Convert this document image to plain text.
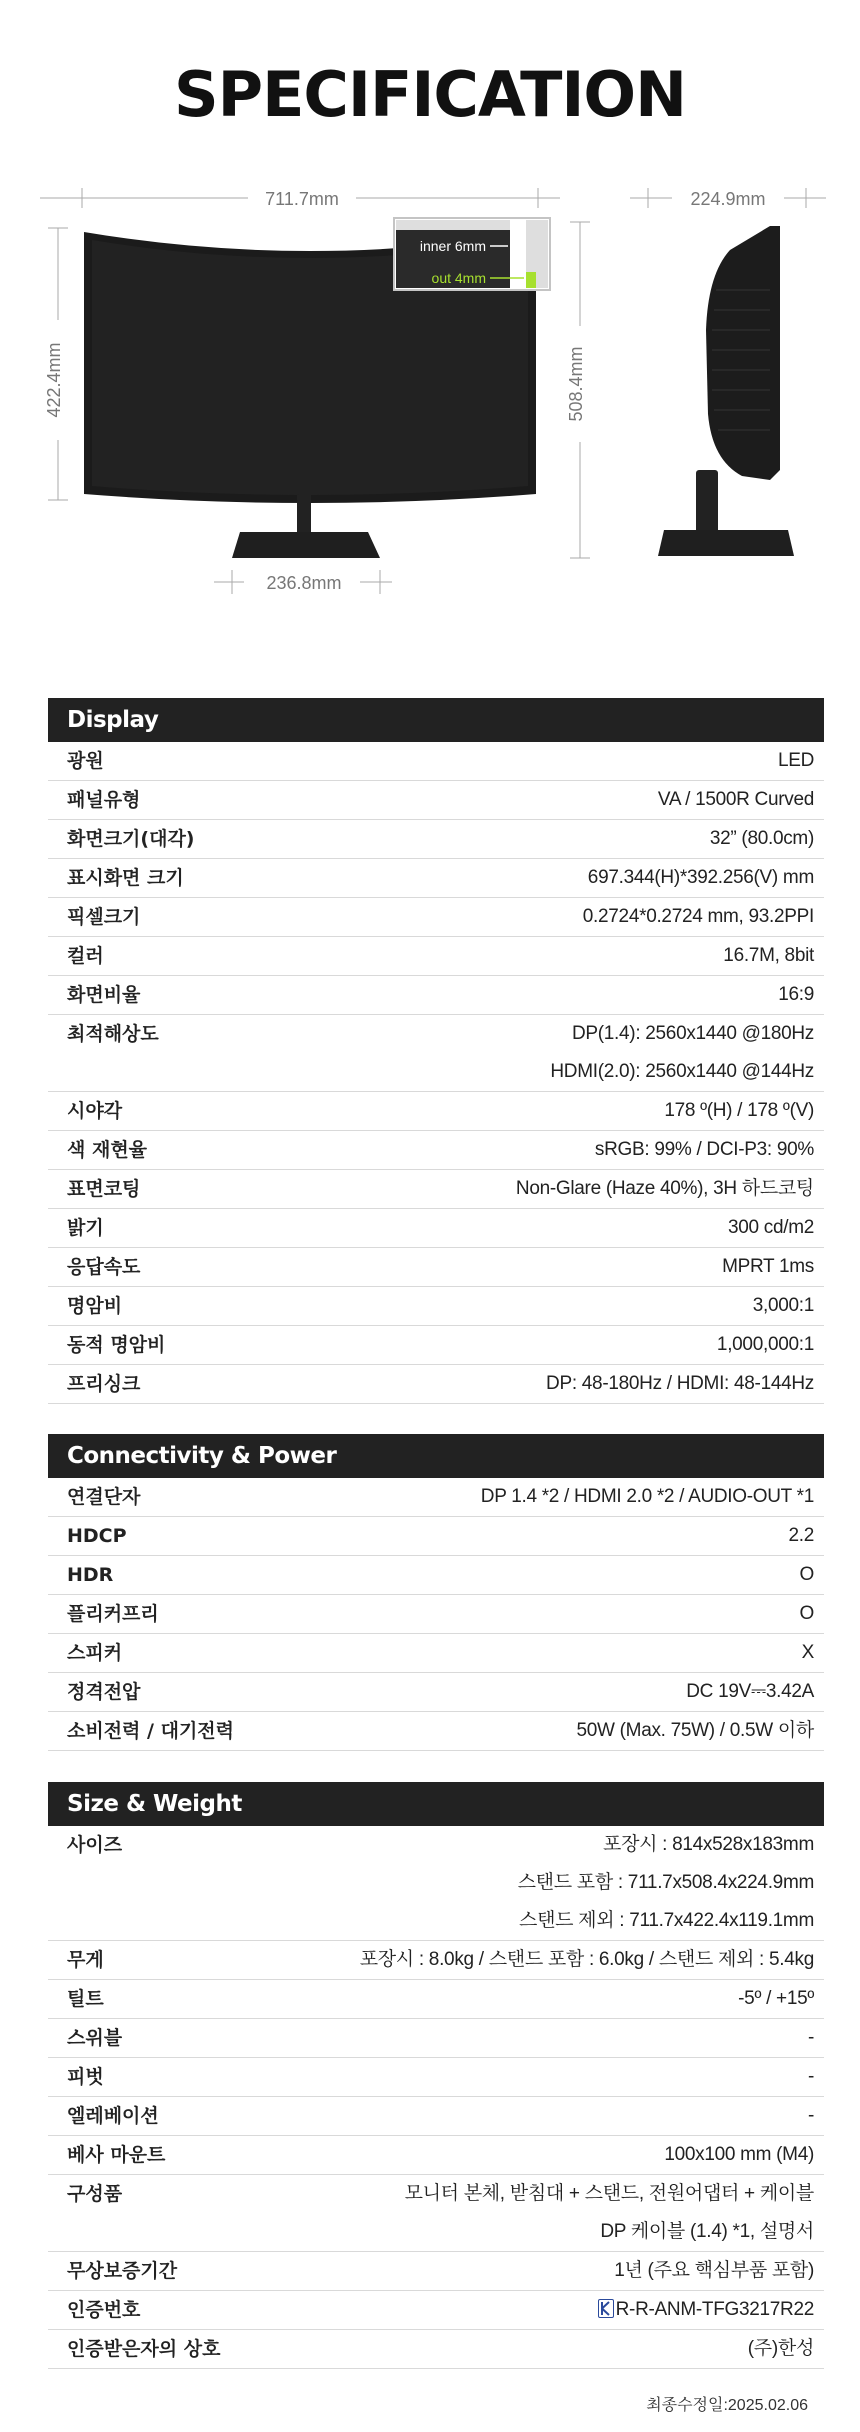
SPECIFICATION
711.7mm
422.4mm
236.8mm
inner 6mm
out 4mm
508.4mm
224.9mm
Display
광원	LED
패널유형	VA / 1500R Curved
화면크기(대각)	32” (80.0cm)
표시화면 크기	697.344(H)*392.256(V) mm
픽셀크기	0.2724*0.2724 mm, 93.2PPI
컬러	16.7M, 8bit
화면비율	16:9
최적해상도	DP(1.4): 2560x1440 @180Hz
HDMI(2.0): 2560x1440 @144Hz
시야각	178 º(H) / 178 º(V)
색 재현율	sRGB: 99% / DCI-P3: 90%
표면코팅	Non-Glare (Haze 40%), 3H 하드코팅
밝기	300 cd/m2
응답속도	MPRT 1ms
명암비	3,000:1
동적 명암비	1,000,000:1
프리싱크	DP: 48-180Hz / HDMI: 48-144Hz
Connectivity & Power
연결단자	DP 1.4 *2 / HDMI 2.0 *2 / AUDIO-OUT *1
HDCP	2.2
HDR	O
플리커프리	O
스피커	X
정격전압	DC 19V⎓3.42A
소비전력 / 대기전력	50W (Max. 75W) / 0.5W 이하
Size & Weight
사이즈	포장시 : 814x528x183mm
스탠드 포함 : 711.7x508.4x224.9mm
스탠드 제외 : 711.7x422.4x119.1mm
무게	포장시 : 8.0kg / 스탠드 포함 : 6.0kg / 스탠드 제외 : 5.4kg
틸트	-5º / +15º
스위블	-
피벗	-
엘레베이션	-
베사 마운트	100x100 mm (M4)
구성품	모니터 본체, 받침대 + 스탠드, 전원어댑터 + 케이블
DP 케이블 (1.4) *1, 설명서
무상보증기간	1년 (주요 핵심부품 포함)
인증번호	R-R-ANM-TFG3217R22
인증받은자의 상호	(주)한성
최종수정일:2025.02.06
